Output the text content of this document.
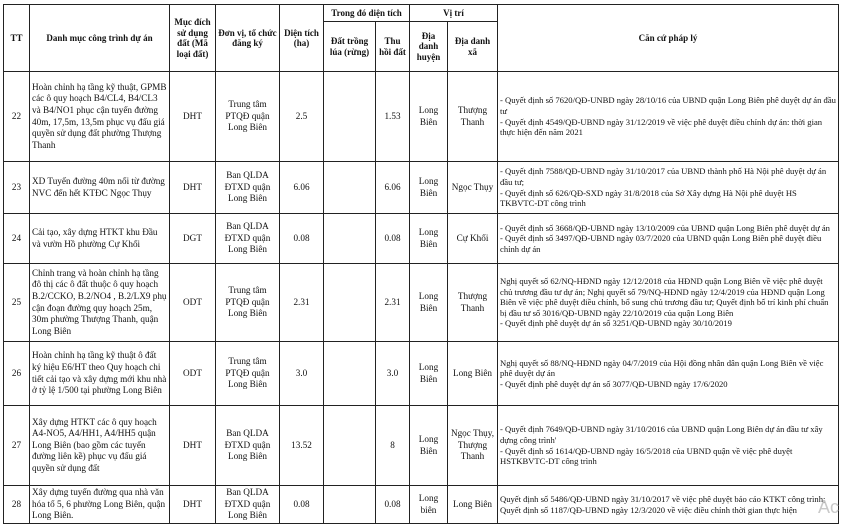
TT	Danh mục công trình dự án	Mục đích sử dụng đất (Mã loại đất)	Đơn vị, tổ chức đăng ký	Diện tích (ha)	Trong đó diện tích		Vị trí		Căn cứ pháp lý
					Đất trồng lúa (rừng)	Thu hồi đất	Địa danh huyện	Địa danh xã	
22	Hoàn chỉnh hạ tầng kỹ thuật, GPMB các ô quy hoạch B4/CL4, B4/CL3 và B4/NO1 phục cận tuyến đường 40m, 17,5m, 13,5m phục vụ đấu giá quyền sử dụng đất phường Thượng Thanh	DHT	Trung tâm PTQĐ quận Long Biên	2.5		1.53	Long Biên	Thượng Thanh	- Quyết định số 7620/QĐ-UNBD ngày 28/10/16 của UBND quận Long Biên phê duyệt dự án đầu tư
- Quyết định 4549/QĐ-UBND ngày 31/12/2019 về việc phê duyệt điều chỉnh dự án: thời gian thực hiện đến năm 2021

23	XD Tuyến đường 40m nối từ đường NVC đến hết KTĐC Ngọc Thụy	DHT	Ban QLDA ĐTXD quận Long Biên	6.06		6.06	Long Biên	Ngọc Thụy	- Quyết định 7588/QĐ-UBND ngày 31/10/2017 của UBND thành phố Hà Nội phê duyệt dự án đầu tư;
- Quyết định số 626/QĐ-SXD ngày 31/8/2018 của Sở Xây dựng Hà Nội phê duyệt HS TKBVTC-DT công trình

24	Cải tạo, xây dựng HTKT khu Đầu và vườn Hồ phường Cự Khối	DGT	Ban QLDA ĐTXD quận Long Biên	0.08		0.08	Long Biên	Cự Khối	- Quyết định số 3668/QĐ-UBND ngày 13/10/2009 của UBND quận Long Biên phê duyệt dự án
- Quyết định số 3497/QĐ-UBND ngày 03/7/2020 của UBND quận Long Biên phê duyệt điều chỉnh dự án

25	Chỉnh trang và hoàn chỉnh hạ tầng đô thị các ô đất thuộc ô quy hoạch B.2/CCKO, B.2/NO4 , B.2/LX9 phụ cận đoạn đường quy hoạch 25m, 30m phường Thượng Thanh, quận Long Biên	ODT	Trung tâm PTQĐ quận Long Biên	2.31		2.31	Long Biên	Thượng Thanh	Nghị quyết số 62/NQ-HĐND ngày 12/12/2018 của HĐND quận Long Biên về việc phê duyệt chủ trương đầu tư dự án; Nghị quyết số 79/NQ-HĐND ngày 12/4/2019 của HĐND quận Long Biên về việc phê duyệt điều chỉnh, bổ sung chủ trương đầu tư; Quyết định bố trí kinh phí chuẩn bị đầu tư số 3016/QĐ-UBND ngày 22/10/2019 của quận Long Biên
- Quyết định phê duyệt dự án số 3251/QĐ-UBND ngày 30/10/2019

26	Hoàn chỉnh hạ tầng kỹ thuật ô đất ký hiệu E6/HT theo Quy hoạch chi tiết cải tạo và xây dựng mới khu nhà ở tỷ lệ 1/500 tại phường Long Biên	ODT	Trung tâm PTQĐ quận Long Biên	3.0		3.0	Long Biên	Long Biên	Nghị quyết số 88/NQ-HĐND ngày 04/7/2019 của Hội đồng nhân dân quận Long Biên về việc phê duyệt dự án
- Quyết định phê duyệt dự án số 3077/QĐ-UBND ngày 17/6/2020

27	Xây dựng HTKT các ô quy hoạch A4-NO5, A4/HH1, A4/HH5 quận Long Biên (bao gồm các tuyến đường liên kề) phục vụ đấu giá quyền sử dụng đất	DHT	Ban QLDA ĐTXD quận Long Biên	13.52		8	Long Biên	Ngọc Thụy, Thượng Thanh	- Quyết định 7649/QĐ-UBND ngày 31/10/2016 của UBND quận Long Biên dự án đầu tư xây dựng công trình'
- Quyết định số 1614/QĐ-UBND ngày 16/5/2018 của UBND quận về việc phê duyệt HSTKBVTC-DT công trình

28	Xây dựng tuyến đường qua nhà văn hóa tổ 5, 6 phường Long Biên, quận Long Biên.	DHT	Ban QLDA ĐTXD quận Long Biên	0.08		0.08	Long biên	Long Biên	Quyết định số 5486/QĐ-UBND ngày 31/10/2017 về việc phê duyệt báo cáo KTKT công trình; Quyết định số 1187/QĐ-UBND ngày 12/3/2020 về việc điều chỉnh thời gian thực hiện	Ac
